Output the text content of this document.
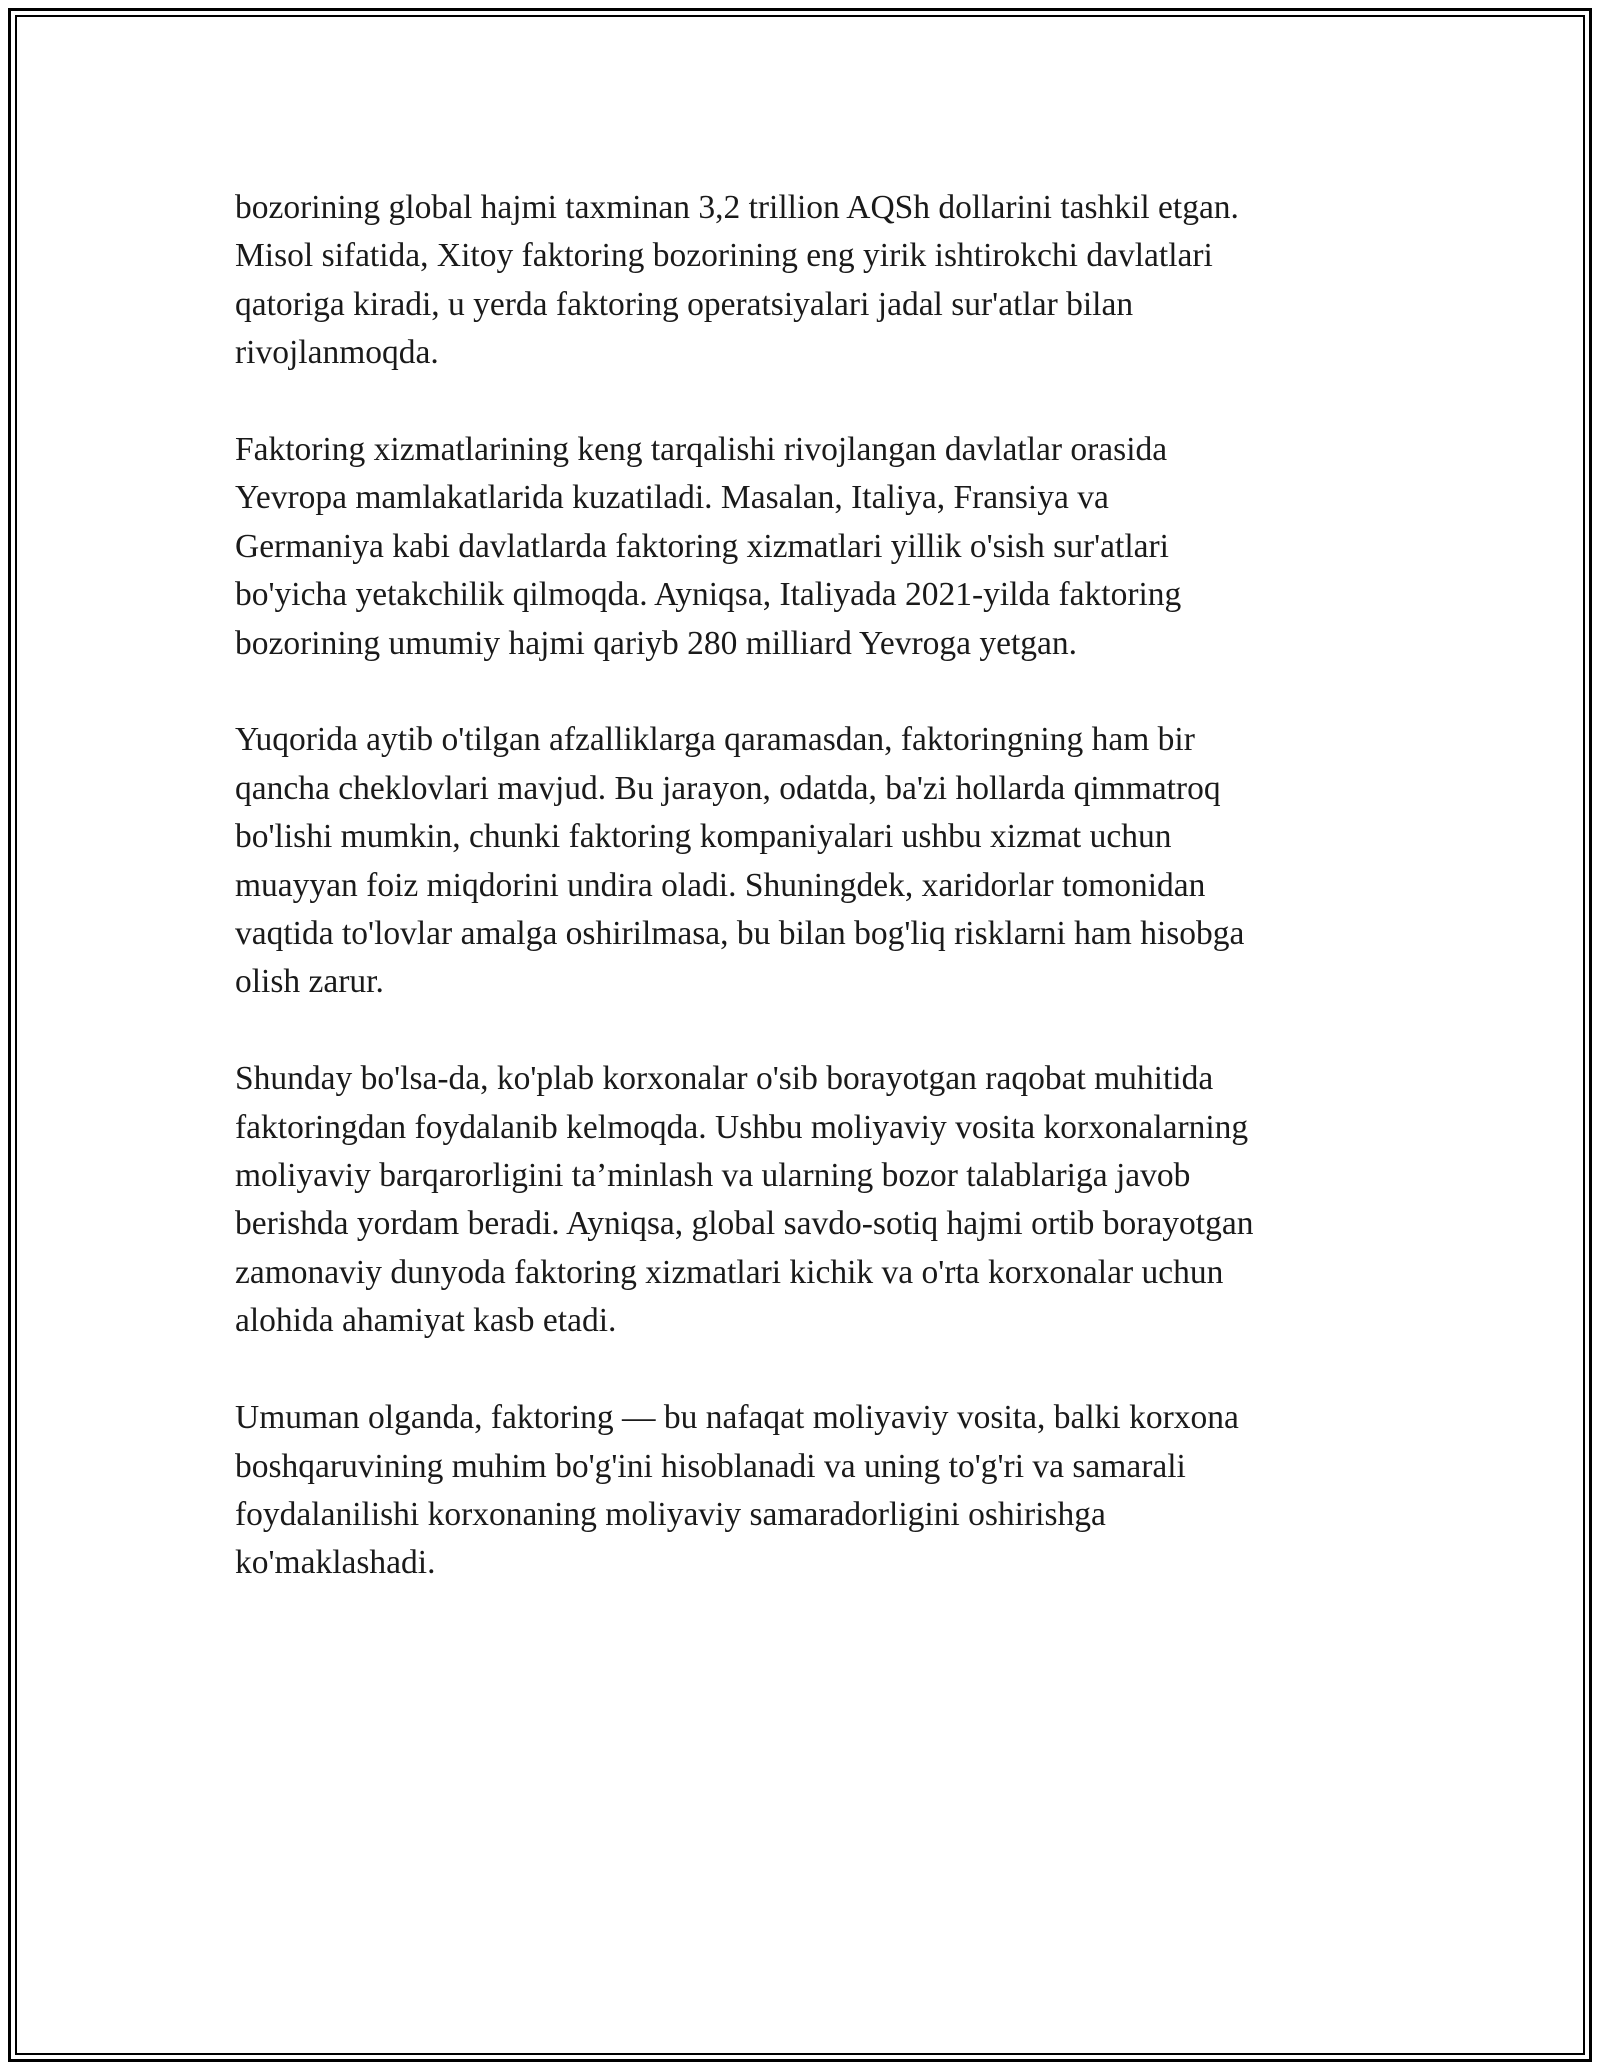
bozorining global hajmi taxminan 3,2 trillion AQSh dollarini tashkil etgan.
Misol sifatida, Xitoy faktoring bozorining eng yirik ishtirokchi davlatlari
qatoriga kiradi, u yerda faktoring operatsiyalari jadal sur'atlar bilan
rivojlanmoqda.

Faktoring xizmatlarining keng tarqalishi rivojlangan davlatlar orasida
Yevropa mamlakatlarida kuzatiladi. Masalan, Italiya, Fransiya va
Germaniya kabi davlatlarda faktoring xizmatlari yillik o'sish sur'atlari
bo'yicha yetakchilik qilmoqda. Ayniqsa, Italiyada 2021-yilda faktoring
bozorining umumiy hajmi qariyb 280 milliard Yevroga yetgan.

Yuqorida aytib o'tilgan afzalliklarga qaramasdan, faktoringning ham bir
qancha cheklovlari mavjud. Bu jarayon, odatda, ba'zi hollarda qimmatroq
bo'lishi mumkin, chunki faktoring kompaniyalari ushbu xizmat uchun
muayyan foiz miqdorini undira oladi. Shuningdek, xaridorlar tomonidan
vaqtida to'lovlar amalga oshirilmasa, bu bilan bog'liq risklarni ham hisobga
olish zarur.

Shunday bo'lsa-da, ko'plab korxonalar o'sib borayotgan raqobat muhitida
faktoringdan foydalanib kelmoqda. Ushbu moliyaviy vosita korxonalarning
moliyaviy barqarorligini ta’minlash va ularning bozor talablariga javob
berishda yordam beradi. Ayniqsa, global savdo-sotiq hajmi ortib borayotgan
zamonaviy dunyoda faktoring xizmatlari kichik va o'rta korxonalar uchun
alohida ahamiyat kasb etadi.

Umuman olganda, faktoring — bu nafaqat moliyaviy vosita, balki korxona
boshqaruvining muhim bo'g'ini hisoblanadi va uning to'g'ri va samarali
foydalanilishi korxonaning moliyaviy samaradorligini oshirishga
ko'maklashadi.
